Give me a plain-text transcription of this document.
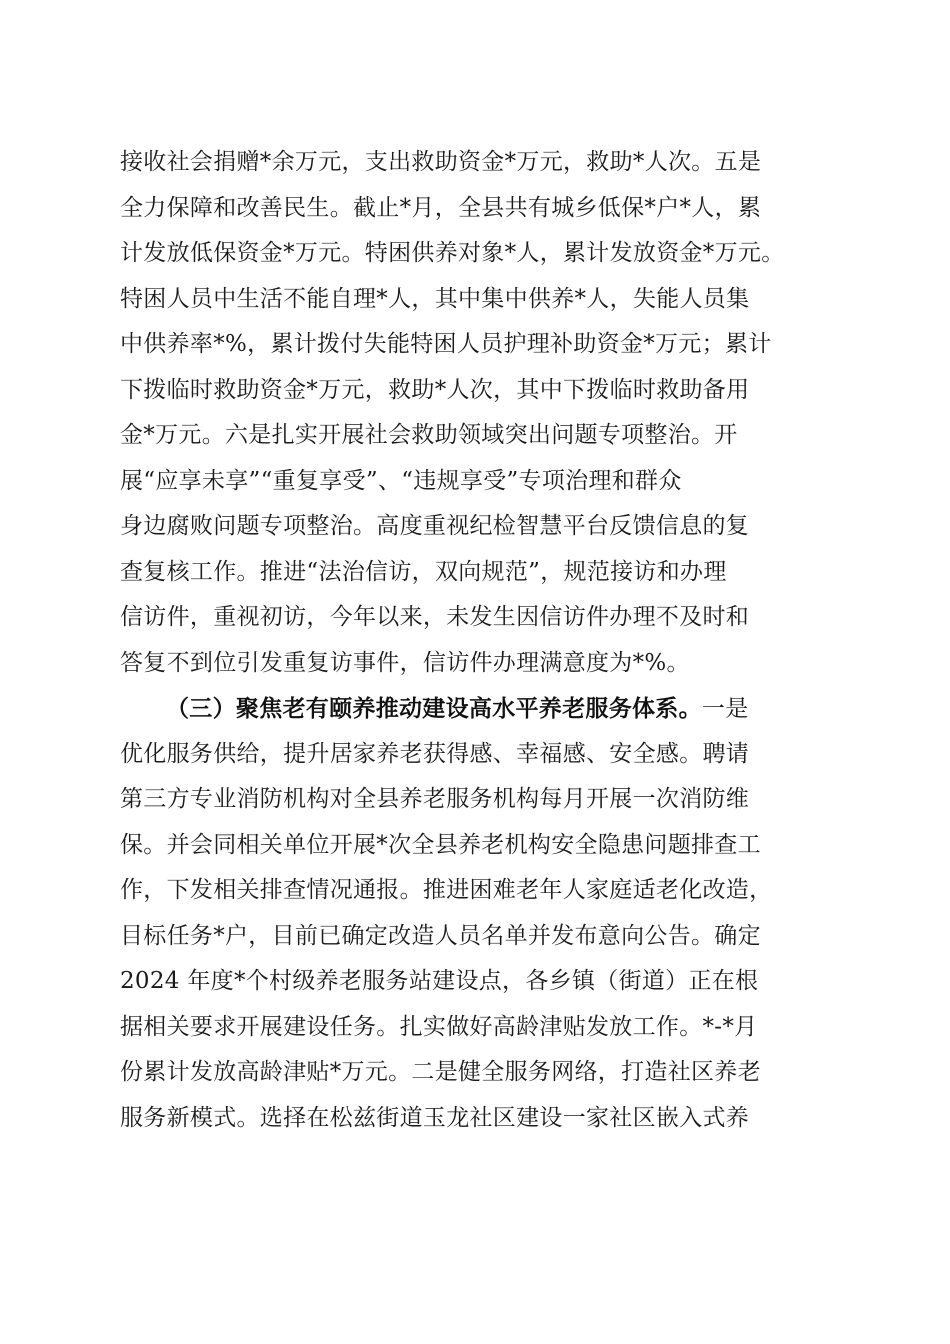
接收社会捐赠*余万元，支出救助资金*万元，救助*人次。五是
全力保障和改善民生。截止*月，全县共有城乡低保*户*人，累
计发放低保资金*万元。特困供养对象*人，累计发放资金*万元。
特困人员中生活不能自理*人，其中集中供养*人，失能人员集
中供养率*%，累计拨付失能特困人员护理补助资金*万元；累计
下拨临时救助资金*万元，救助*人次，其中下拨临时救助备用
金*万元。六是扎实开展社会救助领域突出问题专项整治。开
展“应享未享”“重复享受”、“违规享受”专项治理和群众
身边腐败问题专项整治。高度重视纪检智慧平台反馈信息的复
查复核工作。推进“法治信访，双向规范”，规范接访和办理
信访件，重视初访，今年以来，未发生因信访件办理不及时和
答复不到位引发重复访事件，信访件办理满意度为*%。
（三）聚焦老有颐养推动建设高水平养老服务体系。一是
优化服务供给，提升居家养老获得感、幸福感、安全感。聘请
第三方专业消防机构对全县养老服务机构每月开展一次消防维
保。并会同相关单位开展*次全县养老机构安全隐患问题排查工
作，下发相关排查情况通报。推进困难老年人家庭适老化改造，
目标任务*户，目前已确定改造人员名单并发布意向公告。确定
2024 年度*个村级养老服务站建设点，各乡镇（街道）正在根
据相关要求开展建设任务。扎实做好高龄津贴发放工作。*-*月
份累计发放高龄津贴*万元。二是健全服务网络，打造社区养老
服务新模式。选择在松兹街道玉龙社区建设一家社区嵌入式养
